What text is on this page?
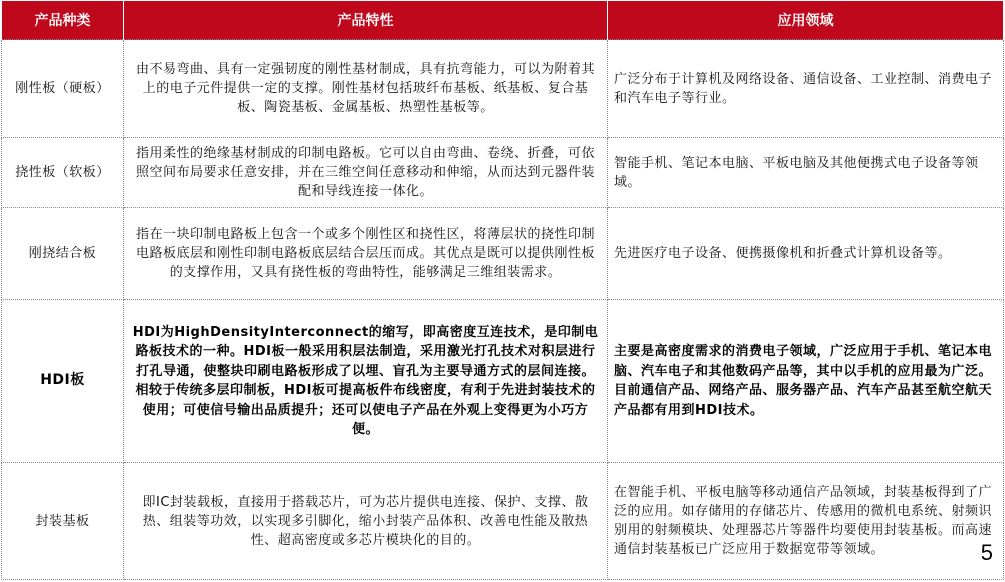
产品种类	产品特性	应用领域
刚性板（硬板）	由不易弯曲、具有一定强韧度的刚性基材制成，具有抗弯能力，可以为附着其上的电子元件提供一定的支撑。刚性基材包括玻纤布基板、纸基板、复合基板、陶瓷基板、金属基板、热塑性基板等。	广泛分布于计算机及网络设备、通信设备、工业控制、消费电子和汽车电子等行业。
挠性板（软板）	指用柔性的绝缘基材制成的印制电路板。它可以自由弯曲、卷绕、折叠，可依照空间布局要求任意安排，并在三维空间任意移动和伸缩，从而达到元器件装配和导线连接一体化。	智能手机、笔记本电脑、平板电脑及其他便携式电子设备等领域。
刚挠结合板	指在一块印制电路板上包含一个或多个刚性区和挠性区，将薄层状的挠性印制电路板底层和刚性印制电路板底层结合层压而成。其优点是既可以提供刚性板的支撑作用，又具有挠性板的弯曲特性，能够满足三维组装需求。	先进医疗电子设备、便携摄像机和折叠式计算机设备等。
HDI板	HDI为HighDensityInterconnect的缩写，即高密度互连技术，是印制电路板技术的一种。HDI板一般采用积层法制造，采用激光打孔技术对积层进行打孔导通，使整块印刷电路板形成了以埋、盲孔为主要导通方式的层间连接。相较于传统多层印制板，HDI板可提高板件布线密度，有利于先进封装技术的使用；可使信号输出品质提升；还可以使电子产品在外观上变得更为小巧方便。	主要是高密度需求的消费电子领域，广泛应用于手机、笔记本电脑、汽车电子和其他数码产品等，其中以手机的应用最为广泛。目前通信产品、网络产品、服务器产品、汽车产品甚至航空航天产品都有用到HDI技术。
封装基板	即IC封装载板，直接用于搭载芯片，可为芯片提供电连接、保护、支撑、散热、组装等功效，以实现多引脚化，缩小封装产品体积、改善电性能及散热性、超高密度或多芯片模块化的目的。	在智能手机、平板电脑等移动通信产品领域，封装基板得到了广泛的应用。如存储用的存储芯片、传感用的微机电系统、射频识别用的射频模块、处理器芯片等器件均要使用封装基板。而高速通信封装基板已广泛应用于数据宽带等领域。	5
